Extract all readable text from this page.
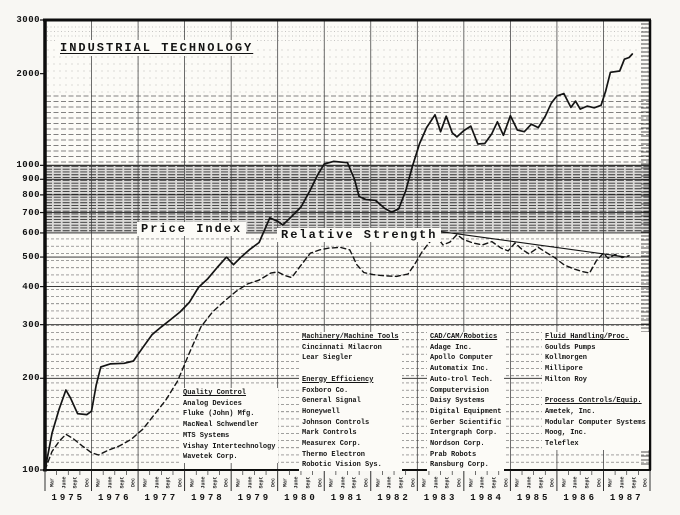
INDUSTRIAL TECHNOLOGY
Price Index	Relative Strength
3000
2000
1000
900
800
700
600
500
400
300
200
100
1975
Mar June Sept Dec
1976
Mar June Sept Dec
1977
Mar June Sept Dec
1978
Mar June Sept Dec
1979
Mar June Sept Dec
1980
Mar June Sept Dec
1981
Mar June Sept Dec
1982
Mar June Sept Dec
1983
Mar June Sept Dec
1984
Mar June Sept Dec
1985
Mar June Sept Dec
1986
Mar June Sept Dec
1987
Mar June Sept Dec
Quality Control
Analog Devices
Fluke (John) Mfg.
MacNeal Schwendler
MTS Systems
Vishay Intertechnology
Wavetek Corp.
Machinery/Machine Tools
Cincinnati Milacron
Lear Siegler
Energy Efficiency
Foxboro Co.
General Signal
Honeywell
Johnson Controls
Mark Controls
Measurex Corp.
Thermo Electron
Robotic Vision Sys.
CAD/CAM/Robotics
Adage Inc.
Apollo Computer
Automatix Inc.
Auto-trol Tech.
Computervision
Daisy Systems
Digital Equipment
Gerber Scientific
Intergraph Corp.
Nordson Corp.
Prab Robots
Ransburg Corp.
Fluid Handling/Proc.
Goulds Pumps
Kollmorgen
Millipore
Milton Roy
Process Controls/Equip.
Ametek, Inc.
Modular Computer Systems
Moog, Inc.
Teleflex
